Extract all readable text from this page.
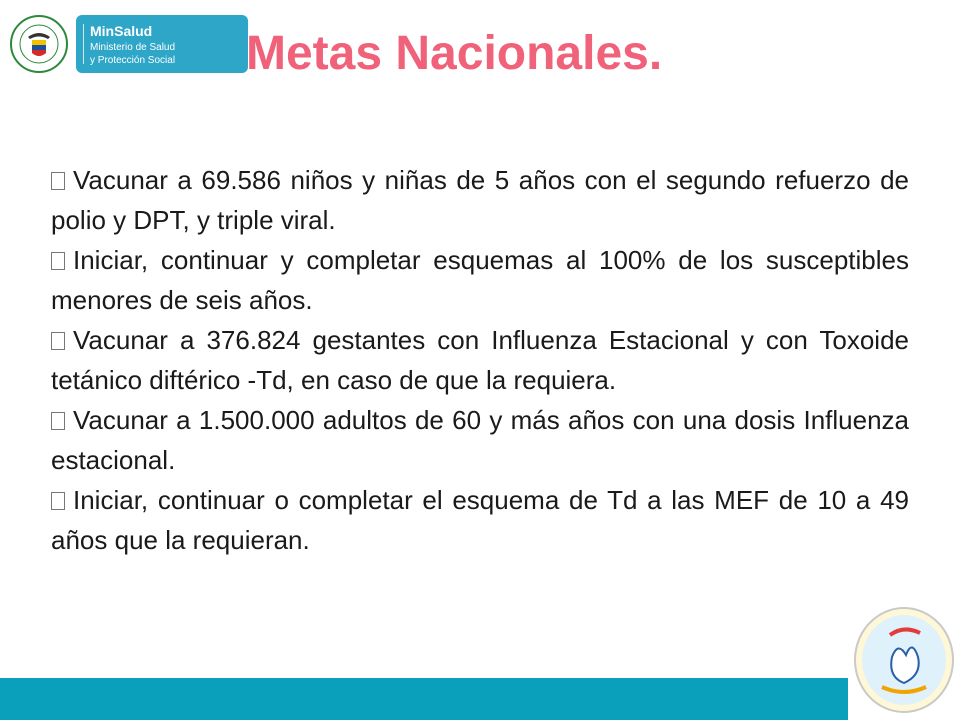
MinSalud
Ministerio de Salud
y Protección Social Metas Nacionales.

Vacunar a 69.586 niños y niñas de 5 años con el segundo refuerzo de polio y DPT, y triple viral.

Iniciar, continuar y completar esquemas al 100% de los susceptibles menores de seis años.

Vacunar a 376.824 gestantes con Influenza Estacional y con Toxoide tetánico diftérico -Td, en caso de que la requiera.

Vacunar a 1.500.000 adultos de 60 y más años con una dosis Influenza estacional.

Iniciar, continuar o completar el esquema de Td a las MEF de 10 a 49 años que la requieran.
